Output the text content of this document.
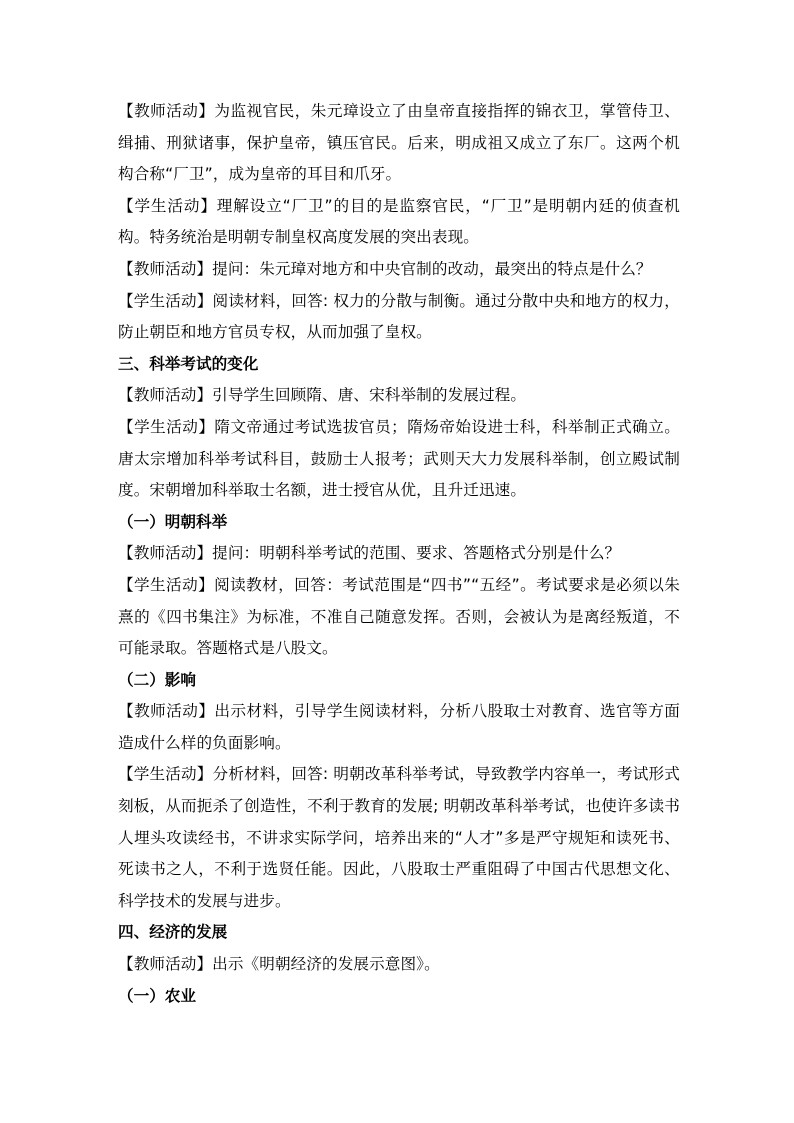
【教师活动】为监视官民，朱元璋设立了由皇帝直接指挥的锦衣卫，掌管侍卫、缉捕、刑狱诸事，保护皇帝，镇压官民。后来，明成祖又成立了东厂。这两个机构合称“厂卫”，成为皇帝的耳目和爪牙。

【学生活动】理解设立“厂卫”的目的是监察官民，“厂卫”是明朝内廷的侦查机构。特务统治是明朝专制皇权高度发展的突出表现。

【教师活动】提问：朱元璋对地方和中央官制的改动，最突出的特点是什么？

【学生活动】阅读材料，回答: 权力的分散与制衡。通过分散中央和地方的权力，防止朝臣和地方官员专权，从而加强了皇权。

三、科举考试的变化

【教师活动】引导学生回顾隋、唐、宋科举制的发展过程。

【学生活动】隋文帝通过考试选拔官员；隋炀帝始设进士科，科举制正式确立。唐太宗增加科举考试科目，鼓励士人报考；武则天大力发展科举制，创立殿试制度。宋朝增加科举取士名额，进士授官从优，且升迁迅速。

（一）明朝科举

【教师活动】提问：明朝科举考试的范围、要求、答题格式分别是什么？

【学生活动】阅读教材，回答：考试范围是“四书”“五经”。考试要求是必须以朱熹的《四书集注》为标准，不准自己随意发挥。否则，会被认为是离经叛道，不可能录取。答题格式是八股文。

（二）影响

【教师活动】出示材料，引导学生阅读材料，分析八股取士对教育、选官等方面造成什么样的负面影响。

【学生活动】分析材料，回答: 明朝改革科举考试，导致教学内容单一，考试形式刻板，从而扼杀了创造性，不利于教育的发展; 明朝改革科举考试，也使许多读书人埋头攻读经书，不讲求实际学问，培养出来的“人才”多是严守规矩和读死书、死读书之人，不利于选贤任能。因此，八股取士严重阻碍了中国古代思想文化、科学技术的发展与进步。

四、经济的发展

【教师活动】出示《明朝经济的发展示意图》。

（一）农业
